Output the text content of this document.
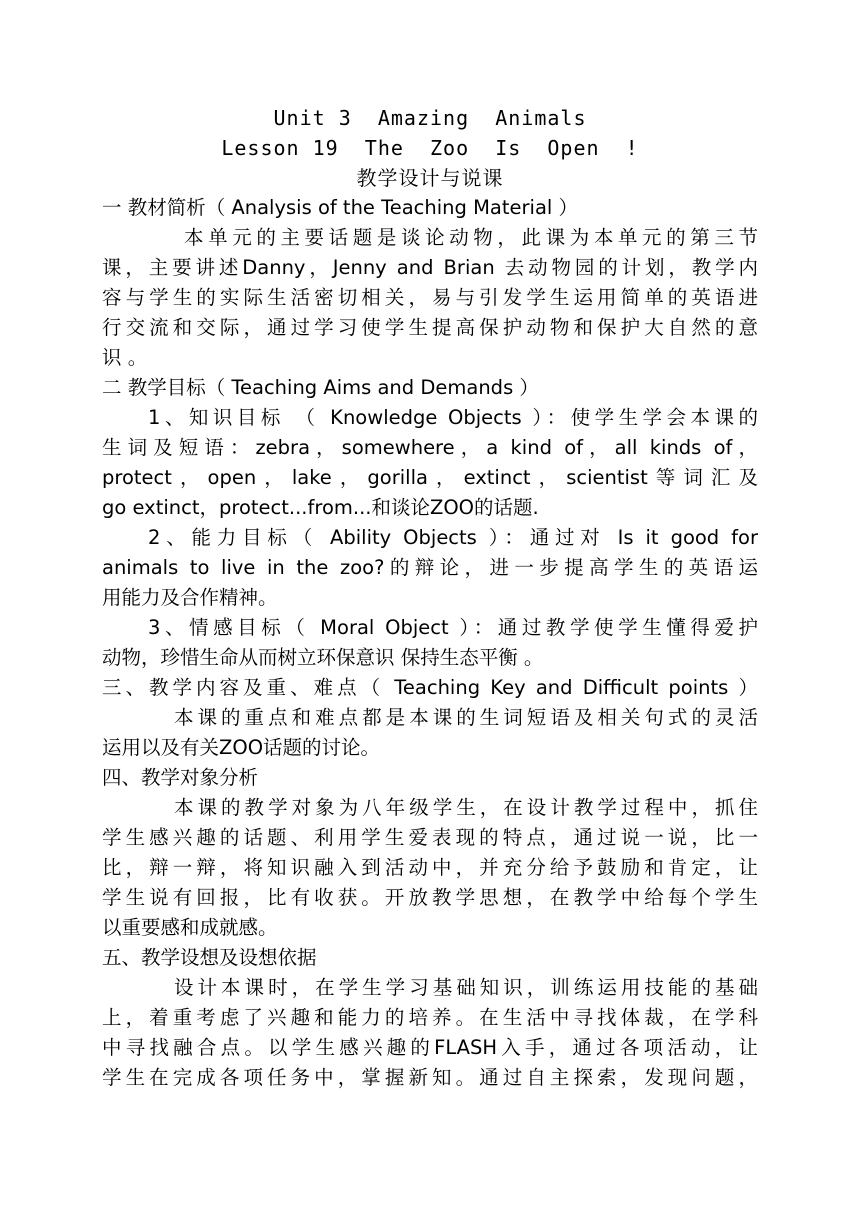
Unit 3  Amazing  Animals
Lesson 19  The  Zoo  Is  Open  !
教学设计与说课
一 教材简析（ Analysis of the Teaching Material ）
本单元的主要话题是谈论动物，此课为本单元的第三节
课，主要讲述Danny，Jenny and Brian 去动物园的计划，教学内
容与学生的实际生活密切相关，易与引发学生运用简单的英语进
行交流和交际，通过学习使学生提高保护动物和保护大自然的意
识 。
二 教学目标（ Teaching Aims and Demands ）
1、知识目标 （ Knowledge Objects ）：使学生学会本课的
生词及短语：zebra，somewhere，a kind of，all kinds of，
protect，open，lake，gorilla，extinct，scientist等词汇及
go extinct，protect...from...和谈论ZOO的话题.
2、能力目标（ Ability Objects ）：通过对 Is it good for
animals to live in the zoo?的辩论，进一步提高学生的英语运
用能力及合作精神。
3、情感目标（ Moral Object ）：通过教学使学生懂得爱护
动物，珍惜生命从而树立环保意识 保持生态平衡 。
三、教学内容及重、难点（ Teaching Key and Difficult points ）
本课的重点和难点都是本课的生词短语及相关句式的灵活
运用以及有关ZOO话题的讨论。
四、教学对象分析
本课的教学对象为八年级学生，在设计教学过程中，抓住
学生感兴趣的话题、利用学生爱表现的特点，通过说一说，比一
比，辩一辩，将知识融入到活动中，并充分给予鼓励和肯定，让
学生说有回报，比有收获。开放教学思想，在教学中给每个学生
以重要感和成就感。
五、教学设想及设想依据
设计本课时，在学生学习基础知识，训练运用技能的基础
上，着重考虑了兴趣和能力的培养。在生活中寻找体裁，在学科
中寻找融合点。以学生感兴趣的FLASH入手，通过各项活动，让
学生在完成各项任务中，掌握新知。通过自主探索，发现问题，
